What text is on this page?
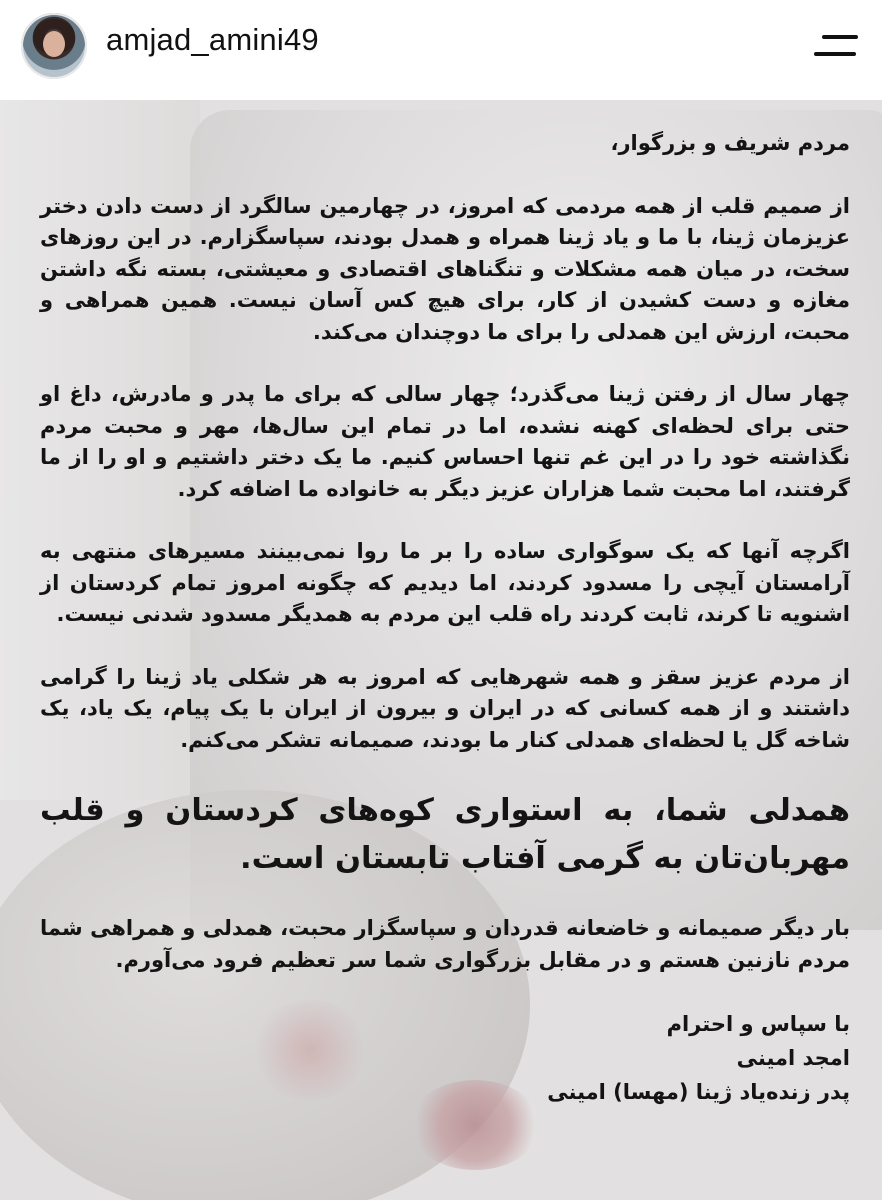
amjad_amini49

مردم شریف و بزرگوار،

از صمیم قلب از همه مردمی که امروز، در چهارمین سالگرد از دست دادن دختر عزیزمان ژینا، با ما و یاد ژینا همراه و همدل بودند، سپاسگزارم. در این روزهای سخت، در میان همه مشکلات و تنگناهای اقتصادی و معیشتی، بسته نگه داشتن مغازه و دست کشیدن از کار، برای هیچ کس آسان نیست. همین همراهی و محبت، ارزش این همدلی را برای ما دوچندان می‌کند.

چهار سال از رفتن ژینا می‌گذرد؛ چهار سالی که برای ما پدر و مادرش، داغ او حتی برای لحظه‌ای کهنه نشده، اما در تمام این سال‌ها، مهر و محبت مردم نگذاشته خود را در این غم تنها احساس کنیم. ما یک دختر داشتیم و او را از ما گرفتند، اما محبت شما هزاران عزیز دیگر به خانواده ما اضافه کرد.

اگرچه آنها که یک سوگواری ساده را بر ما روا نمی‌بینند مسیرهای منتهی به آرامستان آیچی را مسدود کردند، اما دیدیم که چگونه امروز تمام کردستان از اشنویه تا کرند، ثابت کردند راه قلب این مردم به همدیگر مسدود شدنی نیست.

از مردم عزیز سقز و همه شهرهایی که امروز به هر شکلی یاد ژینا را گرامی داشتند و از همه کسانی که در ایران و بیرون از ایران با یک پیام، یک یاد، یک شاخه گل یا لحظه‌ای همدلی کنار ما بودند، صمیمانه تشکر می‌کنم.

همدلی شما، به استواری کوه‌های کردستان و قلب مهربان‌تان به گرمی آفتاب تابستان است.

بار دیگر صمیمانه و خاضعانه قدردان و سپاسگزار محبت، همدلی و همراهی شما مردم نازنین هستم و در مقابل بزرگواری شما سر تعظیم فرود می‌آورم.

با سپاس و احترام

امجد امینی

پدر زنده‌یاد ژینا (مهسا) امینی
